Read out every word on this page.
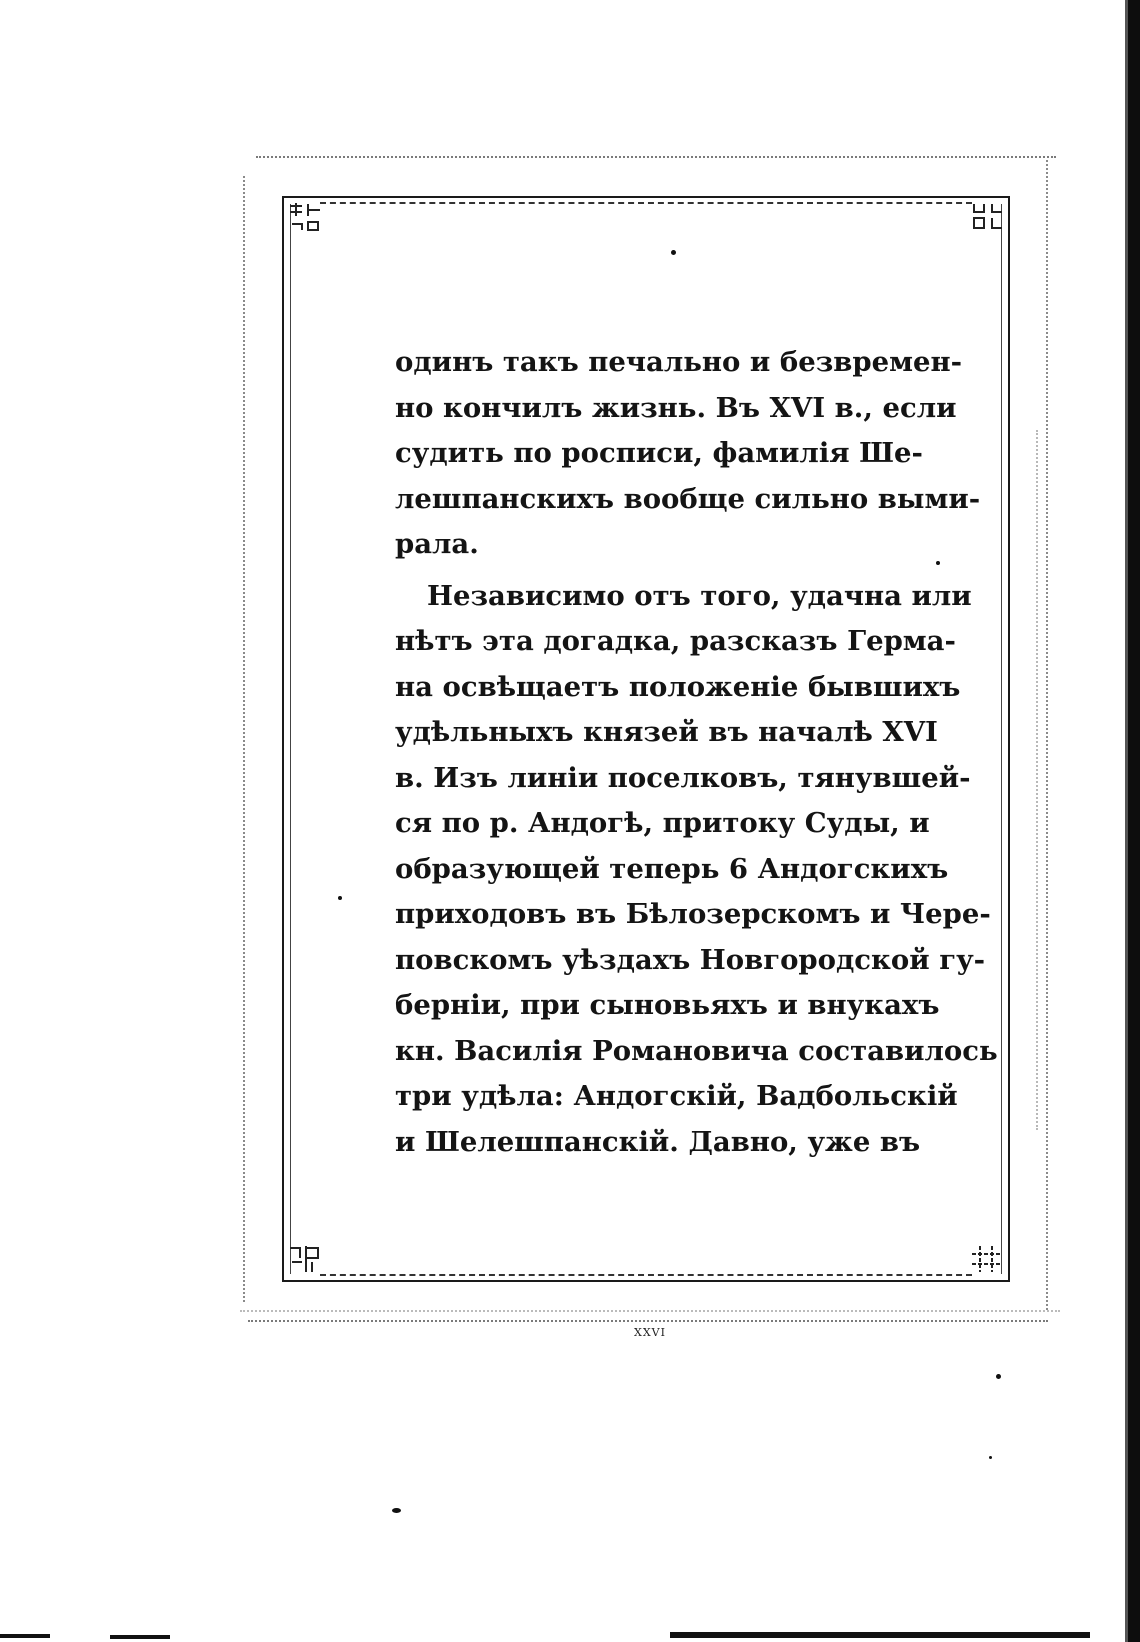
одинъ такъ печально и безвремен-
но кончилъ жизнь. Въ XVI в., если
судить по росписи, фамилія Ше-
лешпанскихъ вообще сильно выми-
рала.
Независимо отъ того, удачна или
нѣтъ эта догадка, разсказъ Герма-
на освѣщаетъ положеніе бывшихъ
удѣльныхъ князей въ началѣ XVI
в. Изъ линіи поселковъ, тянувшей-
ся по р. Андогѣ, притоку Суды, и
образующей теперь 6 Андогскихъ
приходовъ въ Бѣлозерскомъ и Чере-
повскомъ уѣздахъ Новгородской гу-
берніи, при сыновьяхъ и внукахъ
кн. Василія Романовича составилось
три удѣла: Андогскій, Вадбольскій
и Шелешпанскій. Давно, уже въ
XXVI
